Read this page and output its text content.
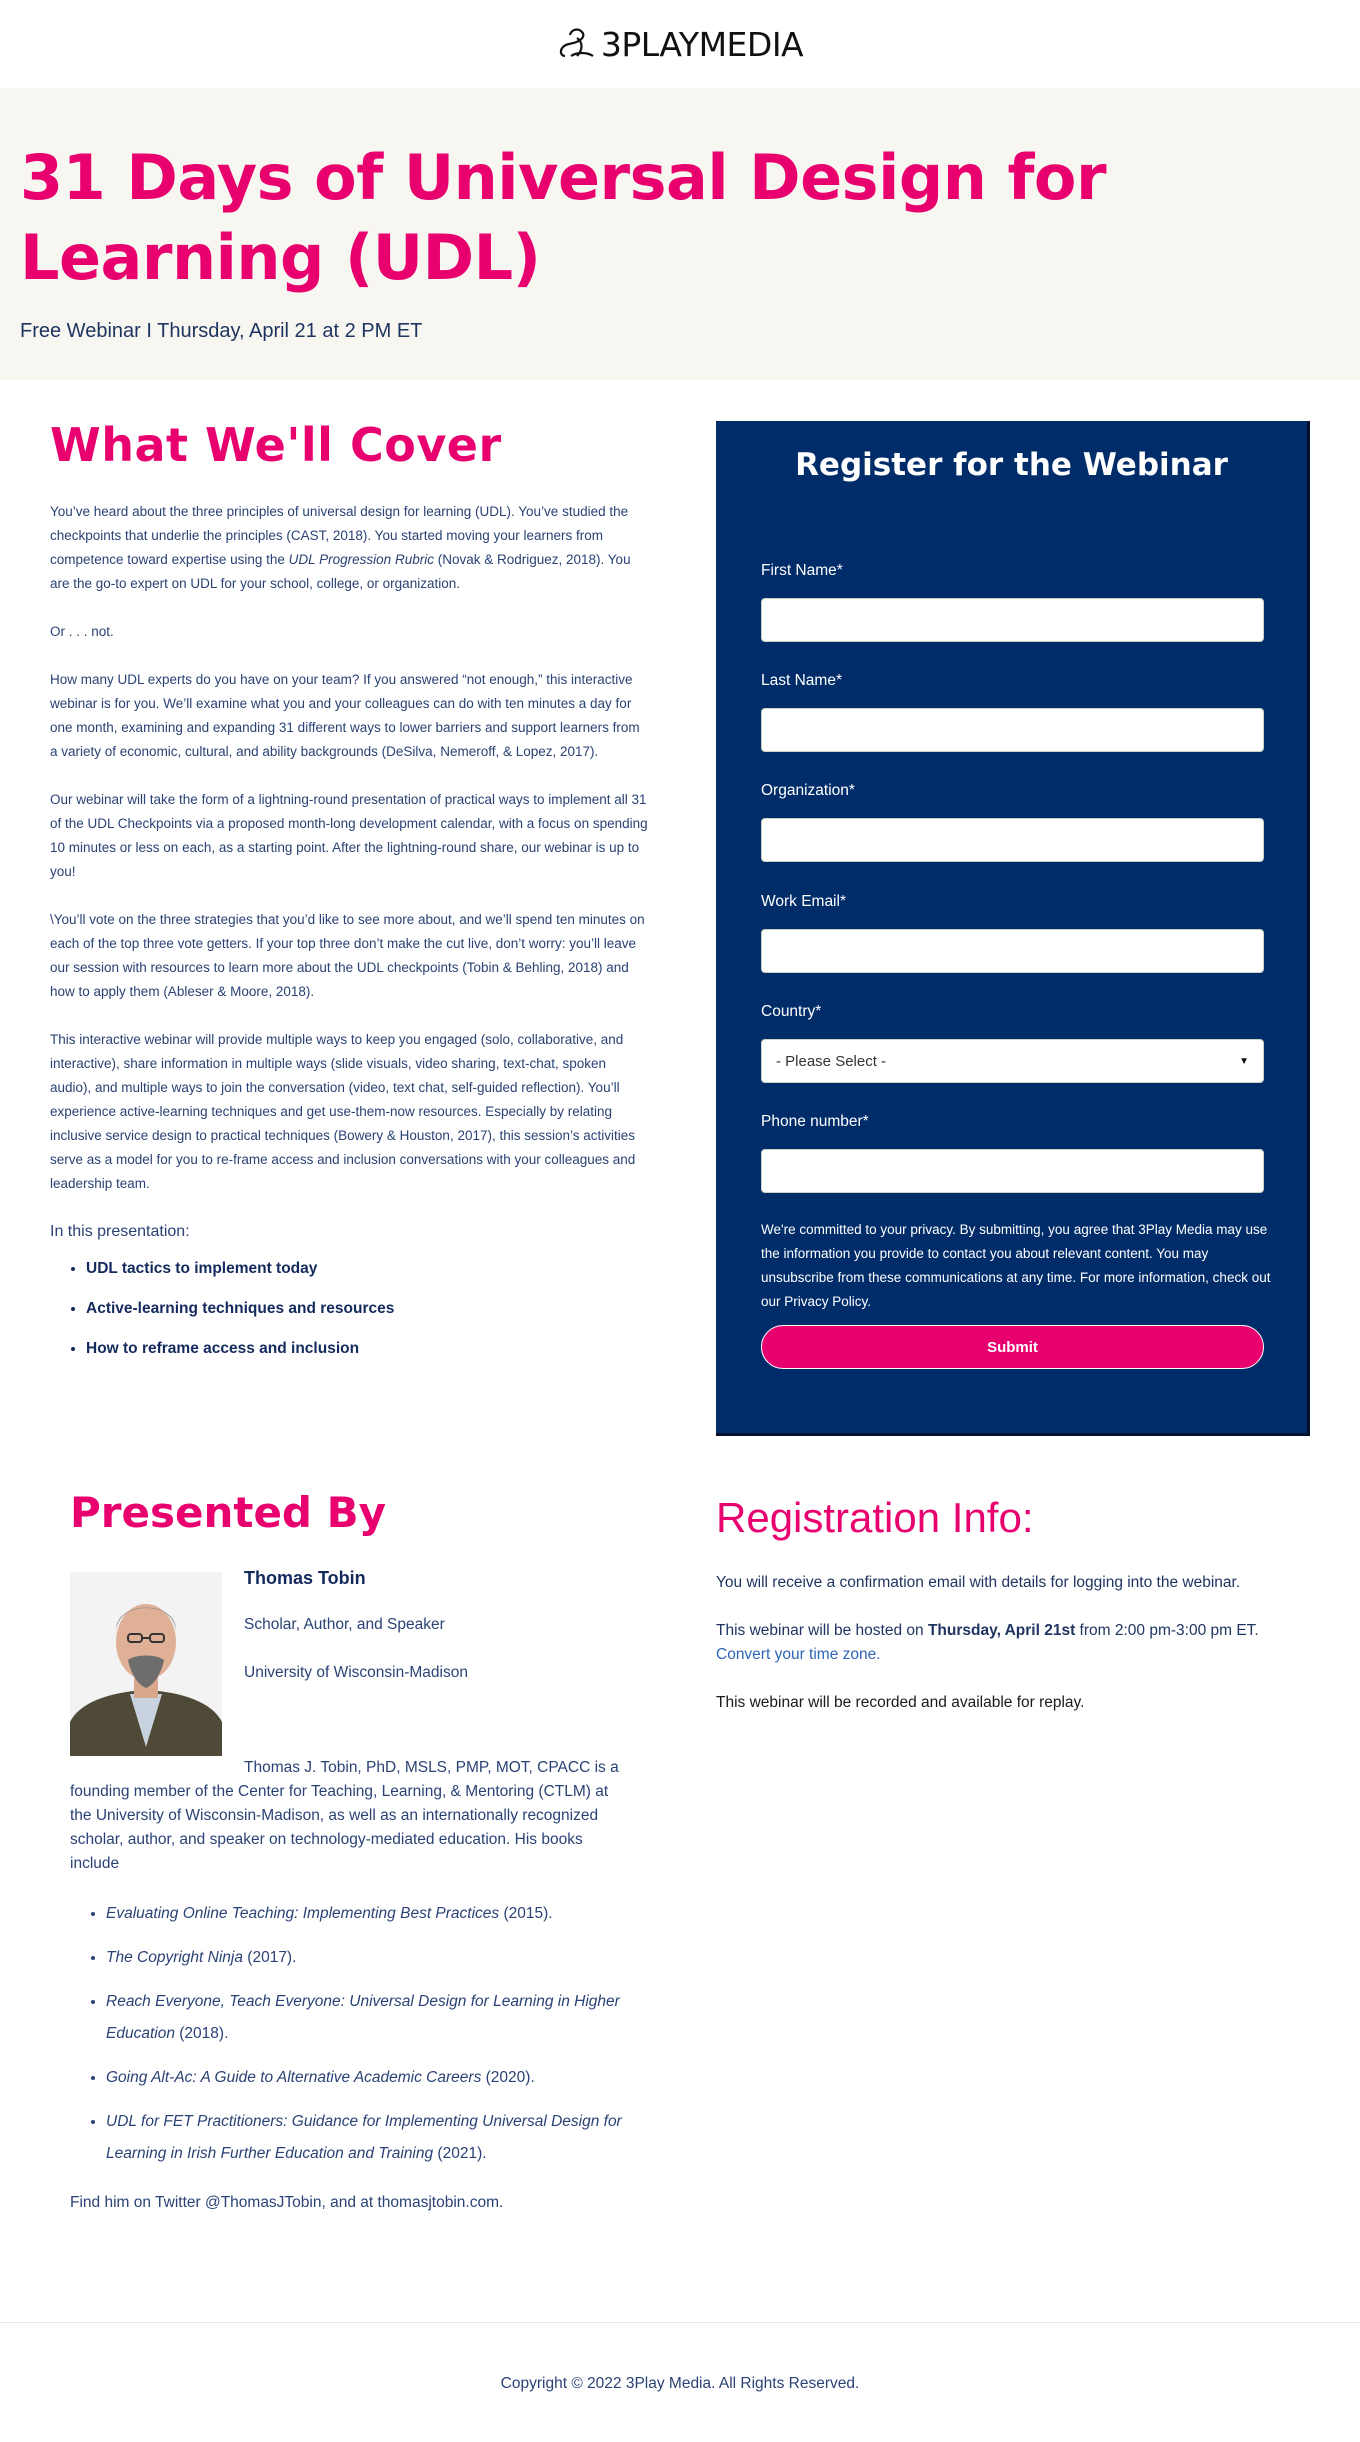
3PLAYMEDIA
31 Days of Universal Design for Learning (UDL)
Free Webinar I Thursday, April 21 at 2 PM ET
What We'll Cover

You’ve heard about the three principles of universal design for learning (UDL). You’ve studied the checkpoints that underlie the principles (CAST, 2018). You started moving your learners from competence toward expertise using the UDL Progression Rubric (Novak & Rodriguez, 2018). You are the go-to expert on UDL for your school, college, or organization.

Or . . . not.

How many UDL experts do you have on your team? If you answered “not enough,” this interactive webinar is for you. We’ll examine what you and your colleagues can do with ten minutes a day for one month, examining and expanding 31 different ways to lower barriers and support learners from a variety of economic, cultural, and ability backgrounds (DeSilva, Nemeroff, & Lopez, 2017).

Our webinar will take the form of a lightning-round presentation of practical ways to implement all 31 of the UDL Checkpoints via a proposed month-long development calendar, with a focus on spending 10 minutes or less on each, as a starting point. After the lightning-round share, our webinar is up to you!

\You’ll vote on the three strategies that you’d like to see more about, and we’ll spend ten minutes on each of the top three vote getters. If your top three don’t make the cut live, don’t worry: you’ll leave our session with resources to learn more about the UDL checkpoints (Tobin & Behling, 2018) and how to apply them (Ableser & Moore, 2018).

This interactive webinar will provide multiple ways to keep you engaged (solo, collaborative, and interactive), share information in multiple ways (slide visuals, video sharing, text-chat, spoken audio), and multiple ways to join the conversation (video, text chat, self-guided reflection). You’ll experience active-learning techniques and get use-them-now resources. Especially by relating inclusive service design to practical techniques (Bowery & Houston, 2017), this session’s activities serve as a model for you to re-frame access and inclusion conversations with your colleagues and leadership team.

In this presentation:

• UDL tactics to implement today
• Active-learning techniques and resources
• How to reframe access and inclusion
Register for the Webinar
First Name*
Last Name*
Organization*
Work Email*
Country*
- Please Select -	▼
Phone number*

We're committed to your privacy. By submitting, you agree that 3Play Media may use the information you provide to contact you about relevant content. You may unsubscribe from these communications at any time. For more information, check out our Privacy Policy.

Submit
Presented By
Thomas Tobin
Scholar, Author, and Speaker
University of Wisconsin-Madison

Thomas J. Tobin, PhD, MSLS, PMP, MOT, CPACC is a founding member of the Center for Teaching, Learning, & Mentoring (CTLM) at the University of Wisconsin-Madison, as well as an internationally recognized scholar, author, and speaker on technology-mediated education. His books include

• Evaluating Online Teaching: Implementing Best Practices (2015).
• The Copyright Ninja (2017).
• Reach Everyone, Teach Everyone: Universal Design for Learning in Higher Education (2018).
• Going Alt-Ac: A Guide to Alternative Academic Careers (2020).
• UDL for FET Practitioners: Guidance for Implementing Universal Design for Learning in Irish Further Education and Training (2021).
Find him on Twitter @ThomasJTobin, and at thomasjtobin.com.
Registration Info:

You will receive a confirmation email with details for logging into the webinar.

This webinar will be hosted on Thursday, April 21st from 2:00 pm-3:00 pm ET.

Convert your time zone.

This webinar will be recorded and available for replay.

Copyright © 2022 3Play Media. All Rights Reserved.
